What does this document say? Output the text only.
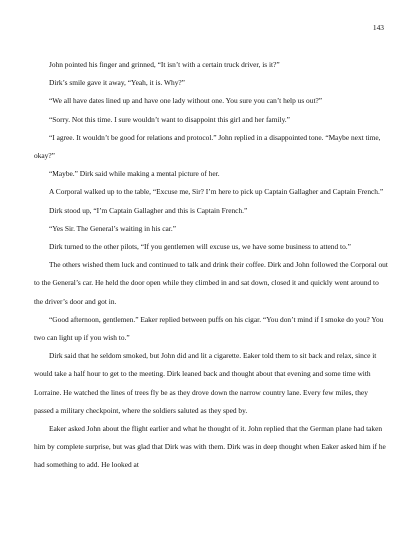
143

John pointed his finger and grinned, “It isn’t with a certain truck driver, is it?”

Dirk’s smile gave it away, “Yeah, it is. Why?”

“We all have dates lined up and have one lady without one. You sure you can’t help us out?”

“Sorry. Not this time. I sure wouldn’t want to disappoint this girl and her family.”

“I agree. It wouldn’t be good for relations and protocol.” John replied in a disappointed tone. “Maybe next time, okay?”

“Maybe.” Dirk said while making a mental picture of her.

A Corporal walked up to the table, “Excuse me, Sir? I’m here to pick up Captain Gallagher and Captain French.”

Dirk stood up, “I’m Captain Gallagher and this is Captain French.”

“Yes Sir. The General’s waiting in his car.”

Dirk turned to the other pilots, “If you gentlemen will excuse us, we have some business to attend to.”

The others wished them luck and continued to talk and drink their coffee. Dirk and John followed the Corporal out to the General’s car. He held the door open while they climbed in and sat down, closed it and quickly went around to the driver’s door and got in.

“Good afternoon, gentlemen.” Eaker replied between puffs on his cigar. “You don’t mind if I smoke do you? You two can light up if you wish to.”

Dirk said that he seldom smoked, but John did and lit a cigarette. Eaker told them to sit back and relax, since it would take a half hour to get to the meeting. Dirk leaned back and thought about that evening and some time with Lorraine. He watched the lines of trees fly be as they drove down the narrow country lane. Every few miles, they passed a military checkpoint, where the soldiers saluted as they sped by.

Eaker asked John about the flight earlier and what he thought of it. John replied that the German plane had taken him by complete surprise, but was glad that Dirk was with them. Dirk was in deep thought when Eaker asked him if he had something to add. He looked at
